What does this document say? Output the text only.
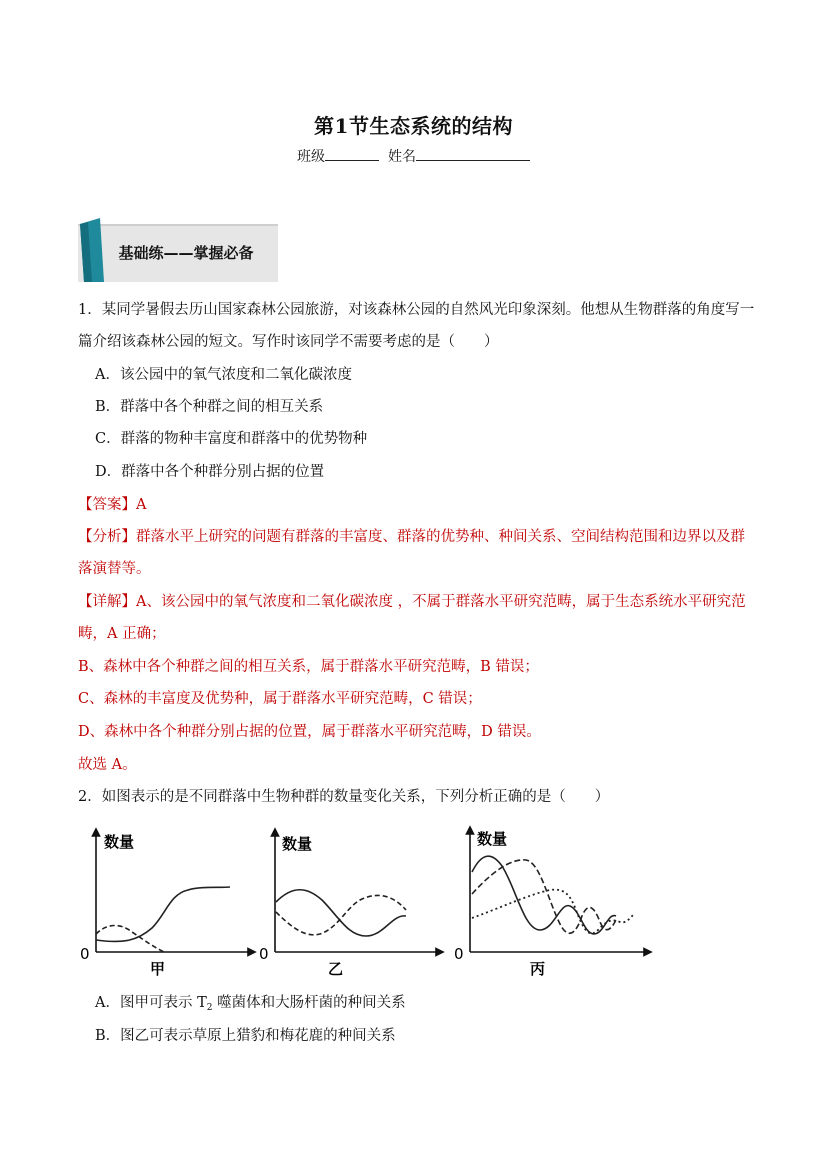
第1节生态系统的结构
班级	姓名
基础练——掌握必备
1．某同学暑假去历山国家森林公园旅游，对该森林公园的自然风光印象深刻。他想从生物群落的角度写一
篇介绍该森林公园的短文。写作时该同学不需要考虑的是（　　）
A．该公园中的氧气浓度和二氧化碳浓度
B．群落中各个种群之间的相互关系
C．群落的物种丰富度和群落中的优势物种
D．群落中各个种群分别占据的位置
【答案】A
【分析】群落水平上研究的问题有群落的丰富度、群落的优势种、种间关系、空间结构范围和边界以及群
落演替等。
【详解】A、该公园中的氧气浓度和二氧化碳浓度 ，不属于群落水平研究范畴，属于生态系统水平研究范
畴，A 正确；
B、森林中各个种群之间的相互关系，属于群落水平研究范畴，B 错误；
C、森林的丰富度及优势种，属于群落水平研究范畴，C 错误；
D、森林中各个种群分别占据的位置，属于群落水平研究范畴，D 错误。
故选 A。
2．如图表示的是不同群落中生物种群的数量变化关系，下列分析正确的是（　　）
数量
0
甲
数量
0
乙
数量
0
丙
A．图甲可表示 $T_2$ 噬菌体和大肠杆菌的种间关系
B．图乙可表示草原上猎豹和梅花鹿的种间关系
